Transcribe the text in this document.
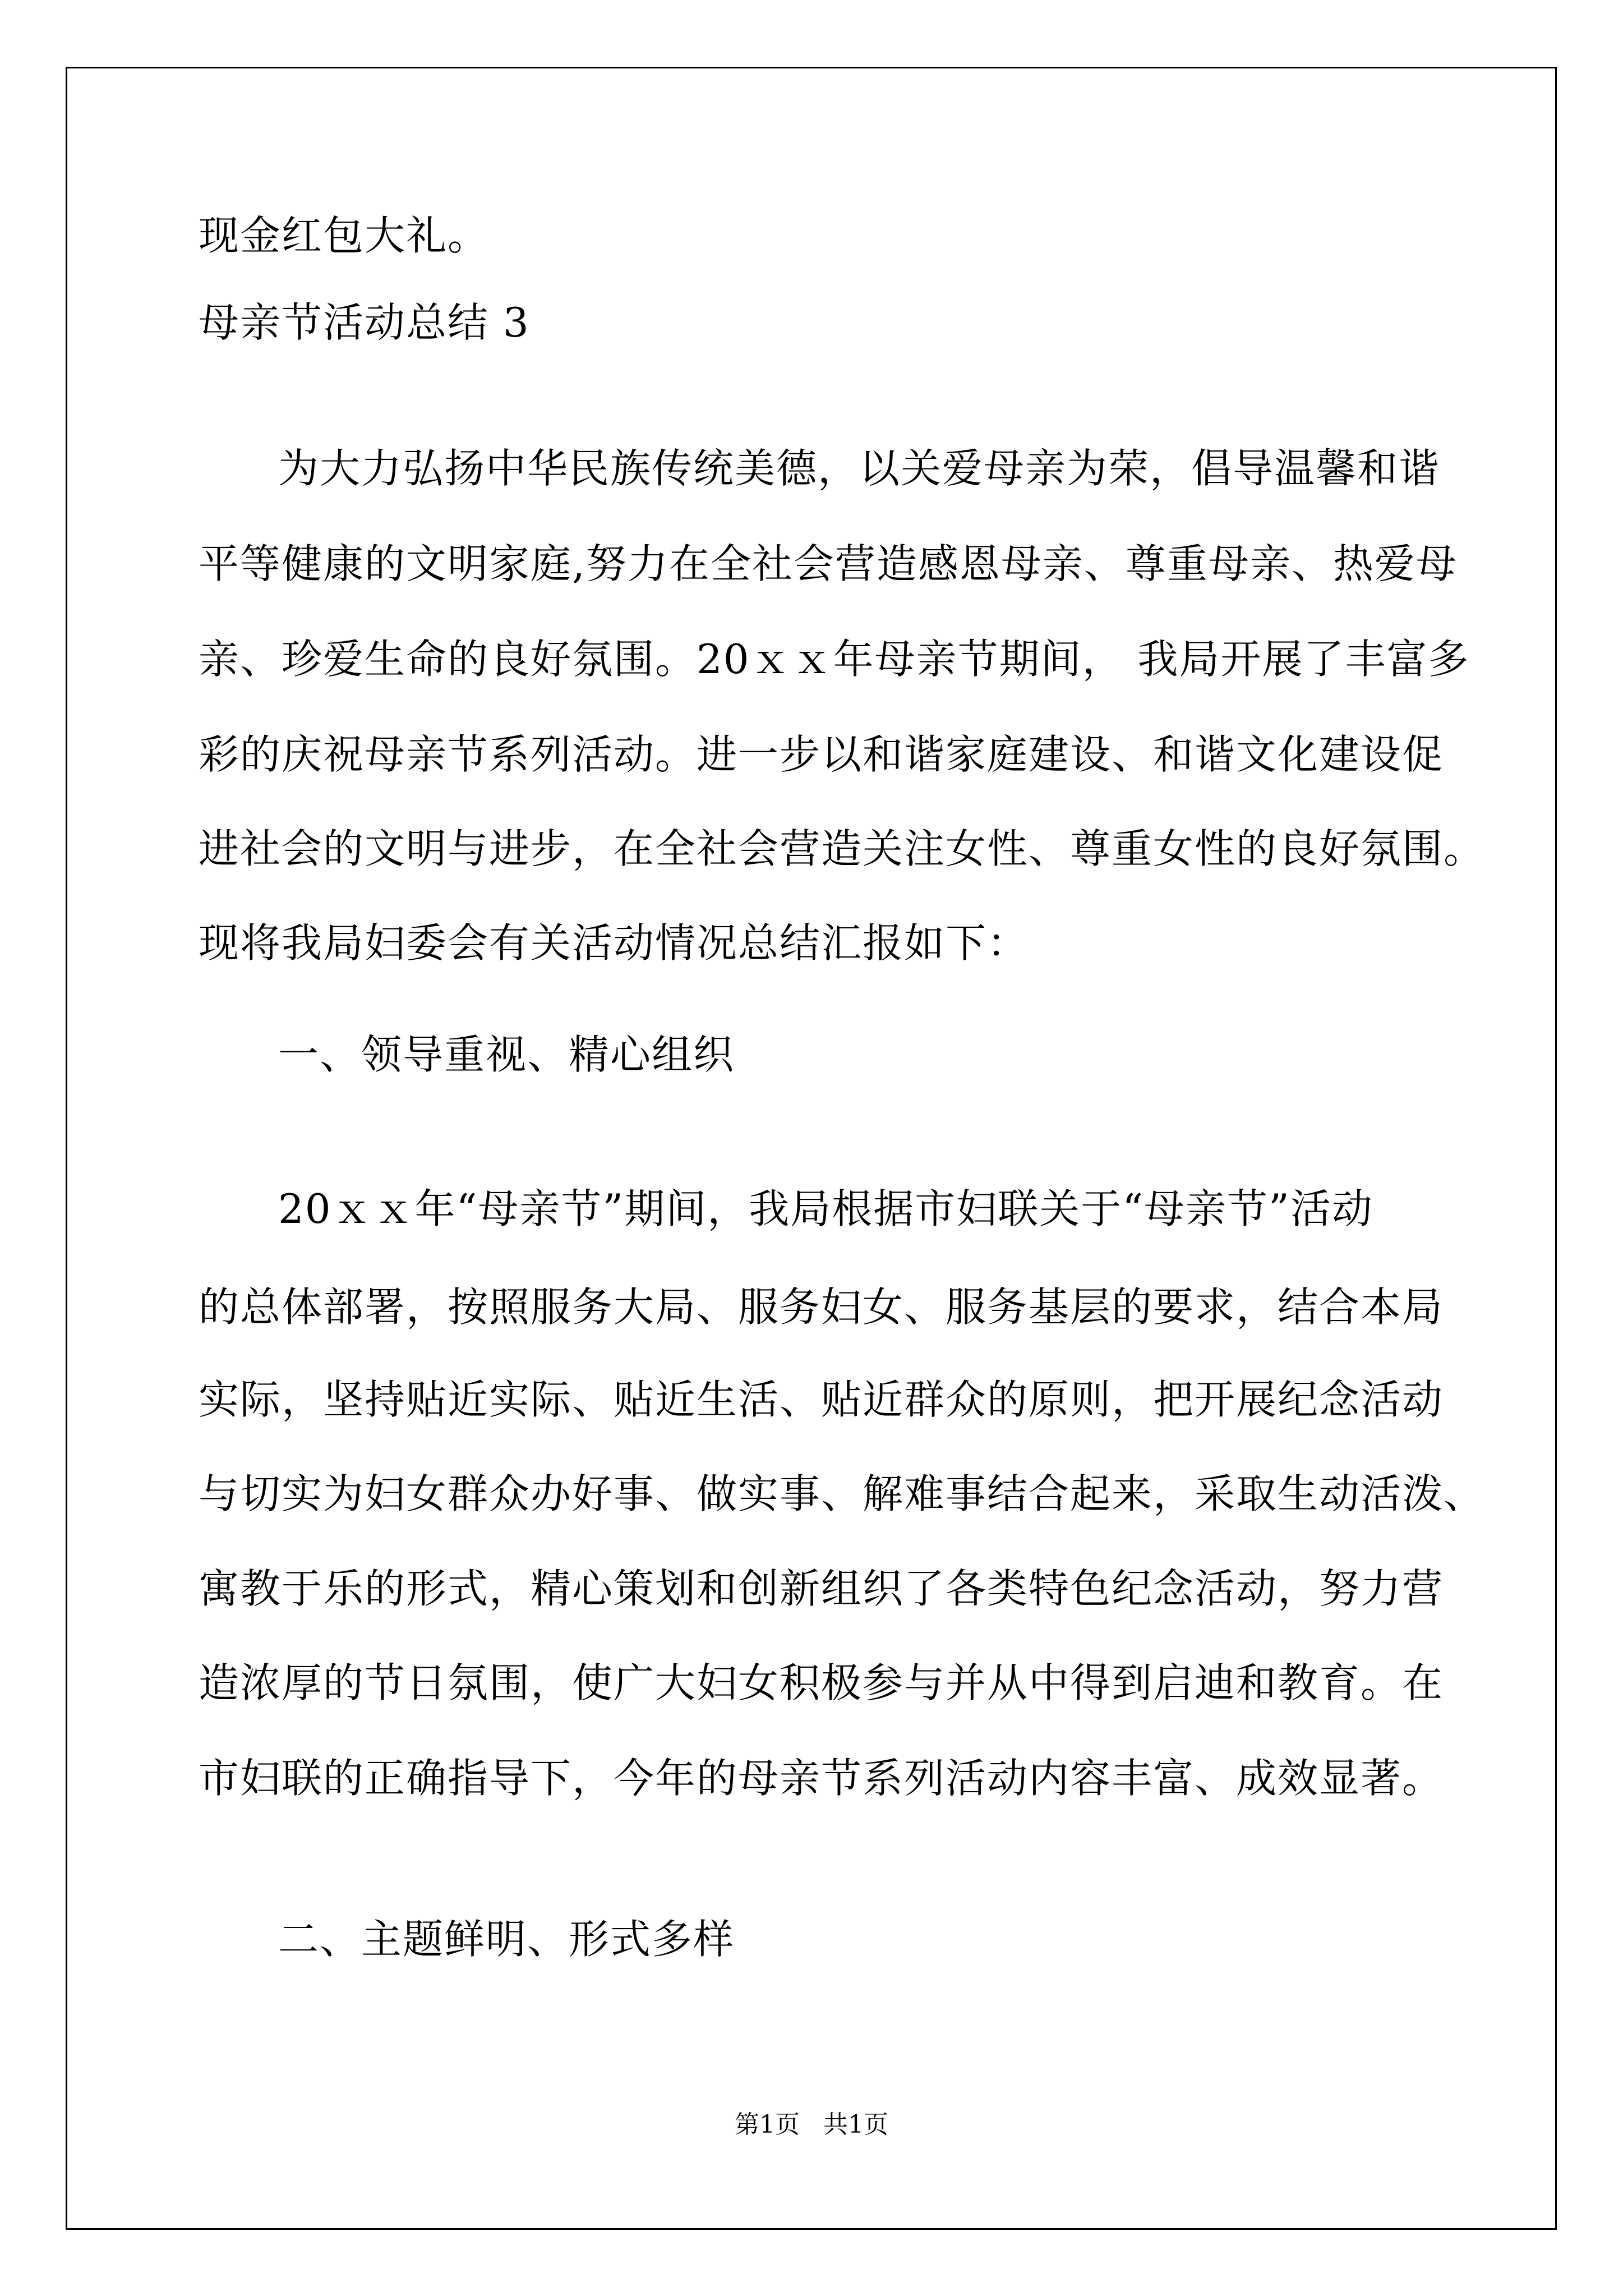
现金红包大礼。
母亲节活动总结 3
为大力弘扬中华民族传统美德，以关爱母亲为荣，倡导温馨和谐
平等健康的文明家庭,努力在全社会营造感恩母亲、尊重母亲、热爱母
亲、珍爱生命的良好氛围。20ｘｘ年母亲节期间， 我局开展了丰富多
彩的庆祝母亲节系列活动。进一步以和谐家庭建设、和谐文化建设促
进社会的文明与进步，在全社会营造关注女性、尊重女性的良好氛围。
现将我局妇委会有关活动情况总结汇报如下：
一、领导重视、精心组织
20ｘｘ年“母亲节”期间，我局根据市妇联关于“母亲节”活动
的总体部署，按照服务大局、服务妇女、服务基层的要求，结合本局
实际，坚持贴近实际、贴近生活、贴近群众的原则，把开展纪念活动
与切实为妇女群众办好事、做实事、解难事结合起来，采取生动活泼、
寓教于乐的形式，精心策划和创新组织了各类特色纪念活动，努力营
造浓厚的节日氛围，使广大妇女积极参与并从中得到启迪和教育。在
市妇联的正确指导下，今年的母亲节系列活动内容丰富、成效显著。
二、主题鲜明、形式多样
第1页   共1页
